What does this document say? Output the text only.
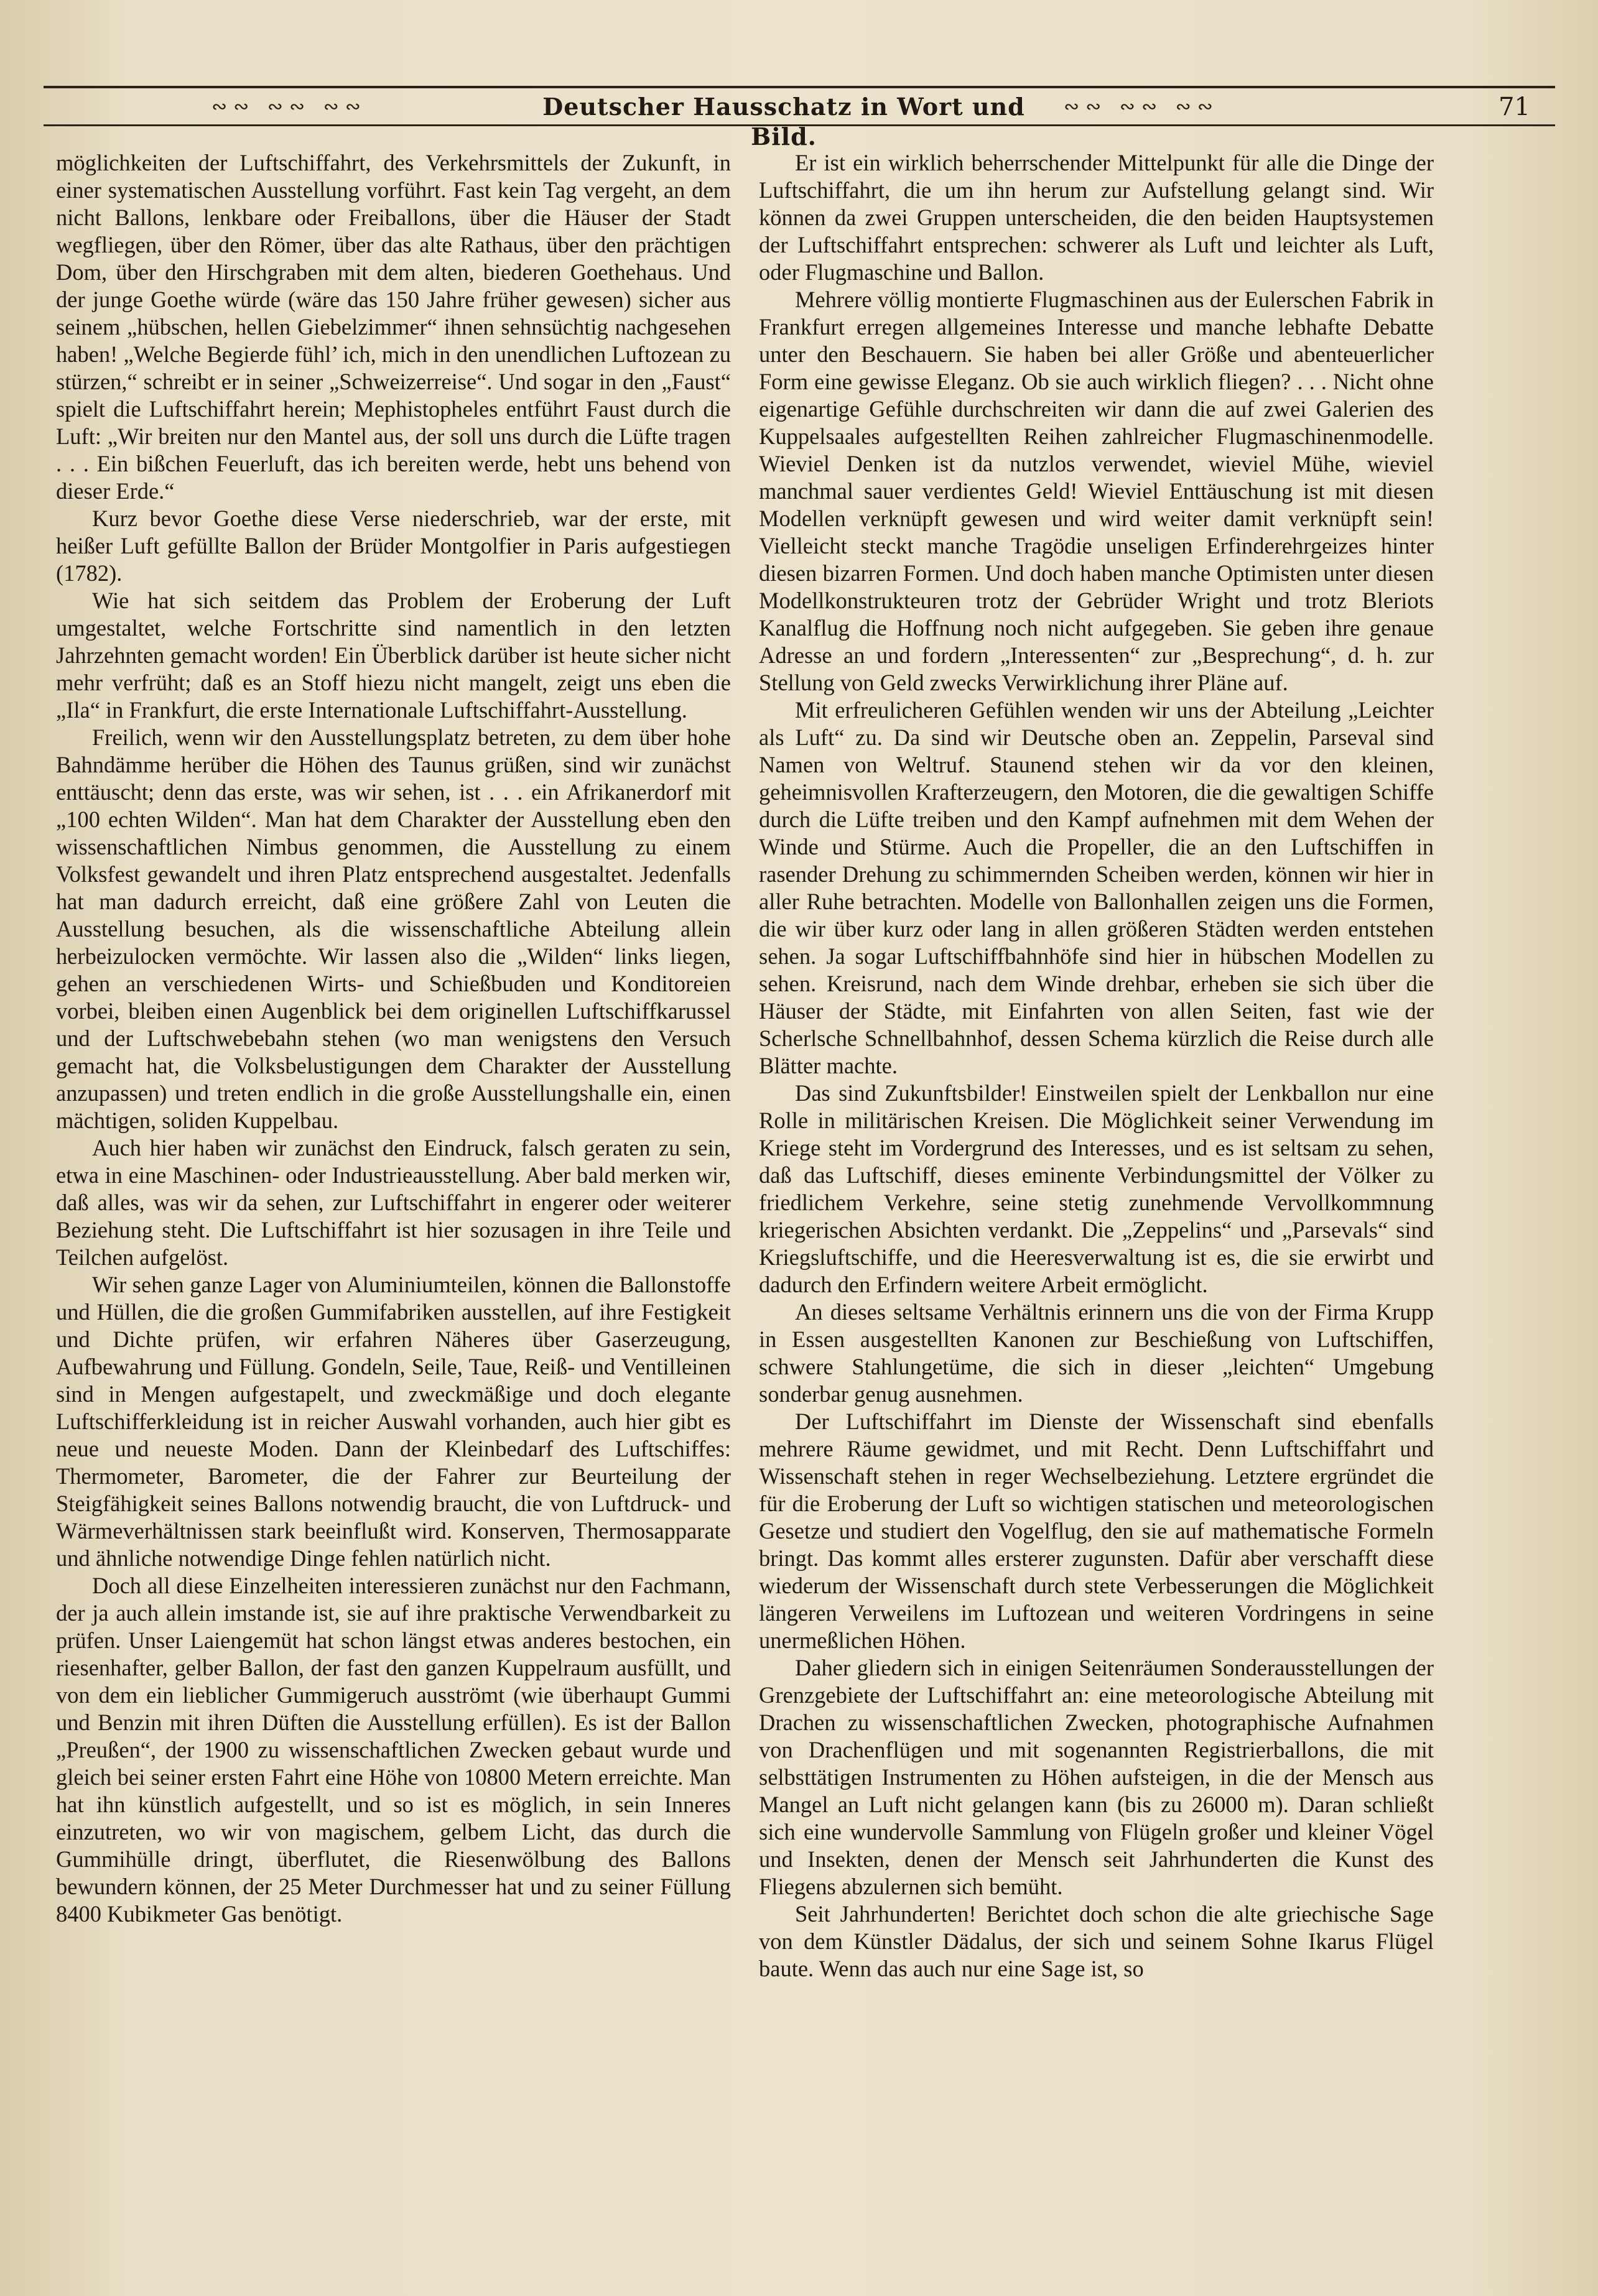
∾∾ ∾∾ ∾∾	Deutscher Hausschatz in Wort und Bild.
∾∾ ∾∾ ∾∾	71

möglichkeiten der Luftschiffahrt, des Verkehrsmittels der Zukunft, in einer systematischen Ausstellung vorführt. Fast kein Tag vergeht, an dem nicht Ballons, lenkbare oder Freiballons, über die Häuser der Stadt wegfliegen, über den Römer, über das alte Rathaus, über den prächtigen Dom, über den Hirschgraben mit dem alten, biederen Goethehaus. Und der junge Goethe würde (wäre das 150 Jahre früher gewesen) sicher aus seinem „hübschen, hellen Giebelzimmer“ ihnen sehnsüchtig nachgesehen haben! „Welche Begierde fühl’ ich, mich in den unendlichen Luftozean zu stürzen,“ schreibt er in seiner „Schweizerreise“. Und sogar in den „Faust“ spielt die Luftschiffahrt herein; Mephistopheles entführt Faust durch die Luft: „Wir breiten nur den Mantel aus, der soll uns durch die Lüfte tragen . . . Ein bißchen Feuerluft, das ich bereiten werde, hebt uns behend von dieser Erde.“

Kurz bevor Goethe diese Verse niederschrieb, war der erste, mit heißer Luft gefüllte Ballon der Brüder Montgolfier in Paris aufgestiegen (1782).

Wie hat sich seitdem das Problem der Eroberung der Luft umgestaltet, welche Fortschritte sind namentlich in den letzten Jahrzehnten gemacht worden! Ein Überblick darüber ist heute sicher nicht mehr verfrüht; daß es an Stoff hiezu nicht mangelt, zeigt uns eben die „Ila“ in Frankfurt, die erste Internationale Luftschiffahrt-Ausstellung.

Freilich, wenn wir den Ausstellungsplatz betreten, zu dem über hohe Bahndämme herüber die Höhen des Taunus grüßen, sind wir zunächst enttäuscht; denn das erste, was wir sehen, ist . . . ein Afrikanerdorf mit „100 echten Wilden“. Man hat dem Charakter der Ausstellung eben den wissenschaftlichen Nimbus genommen, die Ausstellung zu einem Volksfest gewandelt und ihren Platz entsprechend ausgestaltet. Jedenfalls hat man dadurch erreicht, daß eine größere Zahl von Leuten die Ausstellung besuchen, als die wissenschaftliche Abteilung allein herbeizulocken vermöchte. Wir lassen also die „Wilden“ links liegen, gehen an verschiedenen Wirts- und Schießbuden und Konditoreien vorbei, bleiben einen Augenblick bei dem originellen Luftschiffkarussel und der Luftschwebebahn stehen (wo man wenigstens den Versuch gemacht hat, die Volksbelustigungen dem Charakter der Ausstellung anzupassen) und treten endlich in die große Ausstellungshalle ein, einen mächtigen, soliden Kuppelbau.

Auch hier haben wir zunächst den Eindruck, falsch geraten zu sein, etwa in eine Maschinen- oder Industrieausstellung. Aber bald merken wir, daß alles, was wir da sehen, zur Luftschiffahrt in engerer oder weiterer Beziehung steht. Die Luftschiffahrt ist hier sozusagen in ihre Teile und Teilchen aufgelöst.

Wir sehen ganze Lager von Aluminiumteilen, können die Ballonstoffe und Hüllen, die die großen Gummifabriken ausstellen, auf ihre Festigkeit und Dichte prüfen, wir erfahren Näheres über Gaserzeugung, Aufbewahrung und Füllung. Gondeln, Seile, Taue, Reiß- und Ventilleinen sind in Mengen aufgestapelt, und zweckmäßige und doch elegante Luftschifferkleidung ist in reicher Auswahl vorhanden, auch hier gibt es neue und neueste Moden. Dann der Kleinbedarf des Luftschiffes: Thermometer, Barometer, die der Fahrer zur Beurteilung der Steigfähigkeit seines Ballons notwendig braucht, die von Luftdruck- und Wärmeverhältnissen stark beeinflußt wird. Konserven, Thermosapparate und ähnliche notwendige Dinge fehlen natürlich nicht.

Doch all diese Einzelheiten interessieren zunächst nur den Fachmann, der ja auch allein imstande ist, sie auf ihre praktische Verwendbarkeit zu prüfen. Unser Laiengemüt hat schon längst etwas anderes bestochen, ein riesenhafter, gelber Ballon, der fast den ganzen Kuppelraum ausfüllt, und von dem ein lieblicher Gummigeruch ausströmt (wie überhaupt Gummi und Benzin mit ihren Düften die Ausstellung erfüllen). Es ist der Ballon „Preußen“, der 1900 zu wissenschaftlichen Zwecken gebaut wurde und gleich bei seiner ersten Fahrt eine Höhe von 10800 Metern erreichte. Man hat ihn künstlich aufgestellt, und so ist es möglich, in sein Inneres einzutreten, wo wir von magischem, gelbem Licht, das durch die Gummihülle dringt, überflutet, die Riesenwölbung des Ballons bewundern können, der 25 Meter Durchmesser hat und zu seiner Füllung 8400 Kubikmeter Gas benötigt.

Er ist ein wirklich beherrschender Mittelpunkt für alle die Dinge der Luftschiffahrt, die um ihn herum zur Aufstellung gelangt sind. Wir können da zwei Gruppen unterscheiden, die den beiden Hauptsystemen der Luftschiffahrt entsprechen: schwerer als Luft und leichter als Luft, oder Flugmaschine und Ballon.

Mehrere völlig montierte Flugmaschinen aus der Eulerschen Fabrik in Frankfurt erregen allgemeines Interesse und manche lebhafte Debatte unter den Beschauern. Sie haben bei aller Größe und abenteuerlicher Form eine gewisse Eleganz. Ob sie auch wirklich fliegen? . . . Nicht ohne eigenartige Gefühle durchschreiten wir dann die auf zwei Galerien des Kuppelsaales aufgestellten Reihen zahlreicher Flugmaschinenmodelle. Wieviel Denken ist da nutzlos verwendet, wieviel Mühe, wieviel manchmal sauer verdientes Geld! Wieviel Enttäuschung ist mit diesen Modellen verknüpft gewesen und wird weiter damit verknüpft sein! Vielleicht steckt manche Tragödie unseligen Erfinderehrgeizes hinter diesen bizarren Formen. Und doch haben manche Optimisten unter diesen Modellkonstrukteuren trotz der Gebrüder Wright und trotz Bleriots Kanalflug die Hoffnung noch nicht aufgegeben. Sie geben ihre genaue Adresse an und fordern „Interessenten“ zur „Besprechung“, d. h. zur Stellung von Geld zwecks Verwirklichung ihrer Pläne auf.

Mit erfreulicheren Gefühlen wenden wir uns der Abteilung „Leichter als Luft“ zu. Da sind wir Deutsche oben an. Zeppelin, Parseval sind Namen von Weltruf. Staunend stehen wir da vor den kleinen, geheimnisvollen Krafterzeugern, den Motoren, die die gewaltigen Schiffe durch die Lüfte treiben und den Kampf aufnehmen mit dem Wehen der Winde und Stürme. Auch die Propeller, die an den Luftschiffen in rasender Drehung zu schimmernden Scheiben werden, können wir hier in aller Ruhe betrachten. Modelle von Ballonhallen zeigen uns die Formen, die wir über kurz oder lang in allen größeren Städten werden entstehen sehen. Ja sogar Luftschiffbahnhöfe sind hier in hübschen Modellen zu sehen. Kreisrund, nach dem Winde drehbar, erheben sie sich über die Häuser der Städte, mit Einfahrten von allen Seiten, fast wie der Scherlsche Schnellbahnhof, dessen Schema kürzlich die Reise durch alle Blätter machte.

Das sind Zukunftsbilder! Einstweilen spielt der Lenkballon nur eine Rolle in militärischen Kreisen. Die Möglichkeit seiner Verwendung im Kriege steht im Vordergrund des Interesses, und es ist seltsam zu sehen, daß das Luftschiff, dieses eminente Verbindungsmittel der Völker zu friedlichem Verkehre, seine stetig zunehmende Vervollkommnung kriegerischen Absichten verdankt. Die „Zeppelins“ und „Parsevals“ sind Kriegsluftschiffe, und die Heeresverwaltung ist es, die sie erwirbt und dadurch den Erfindern weitere Arbeit ermöglicht.

An dieses seltsame Verhältnis erinnern uns die von der Firma Krupp in Essen ausgestellten Kanonen zur Beschießung von Luftschiffen, schwere Stahlungetüme, die sich in dieser „leichten“ Umgebung sonderbar genug ausnehmen.

Der Luftschiffahrt im Dienste der Wissenschaft sind ebenfalls mehrere Räume gewidmet, und mit Recht. Denn Luftschiffahrt und Wissenschaft stehen in reger Wechselbeziehung. Letztere ergründet die für die Eroberung der Luft so wichtigen statischen und meteorologischen Gesetze und studiert den Vogelflug, den sie auf mathematische Formeln bringt. Das kommt alles ersterer zugunsten. Dafür aber verschafft diese wiederum der Wissenschaft durch stete Verbesserungen die Möglichkeit längeren Verweilens im Luftozean und weiteren Vordringens in seine unermeßlichen Höhen.

Daher gliedern sich in einigen Seitenräumen Sonderausstellungen der Grenzgebiete der Luftschiffahrt an: eine meteorologische Abteilung mit Drachen zu wissenschaftlichen Zwecken, photographische Aufnahmen von Drachenflügen und mit sogenannten Registrierballons, die mit selbsttätigen Instrumenten zu Höhen aufsteigen, in die der Mensch aus Mangel an Luft nicht gelangen kann (bis zu 26000 m). Daran schließt sich eine wundervolle Sammlung von Flügeln großer und kleiner Vögel und Insekten, denen der Mensch seit Jahrhunderten die Kunst des Fliegens abzulernen sich bemüht.

Seit Jahrhunderten! Berichtet doch schon die alte griechische Sage von dem Künstler Dädalus, der sich und seinem Sohne Ikarus Flügel baute. Wenn das auch nur eine Sage ist, so
